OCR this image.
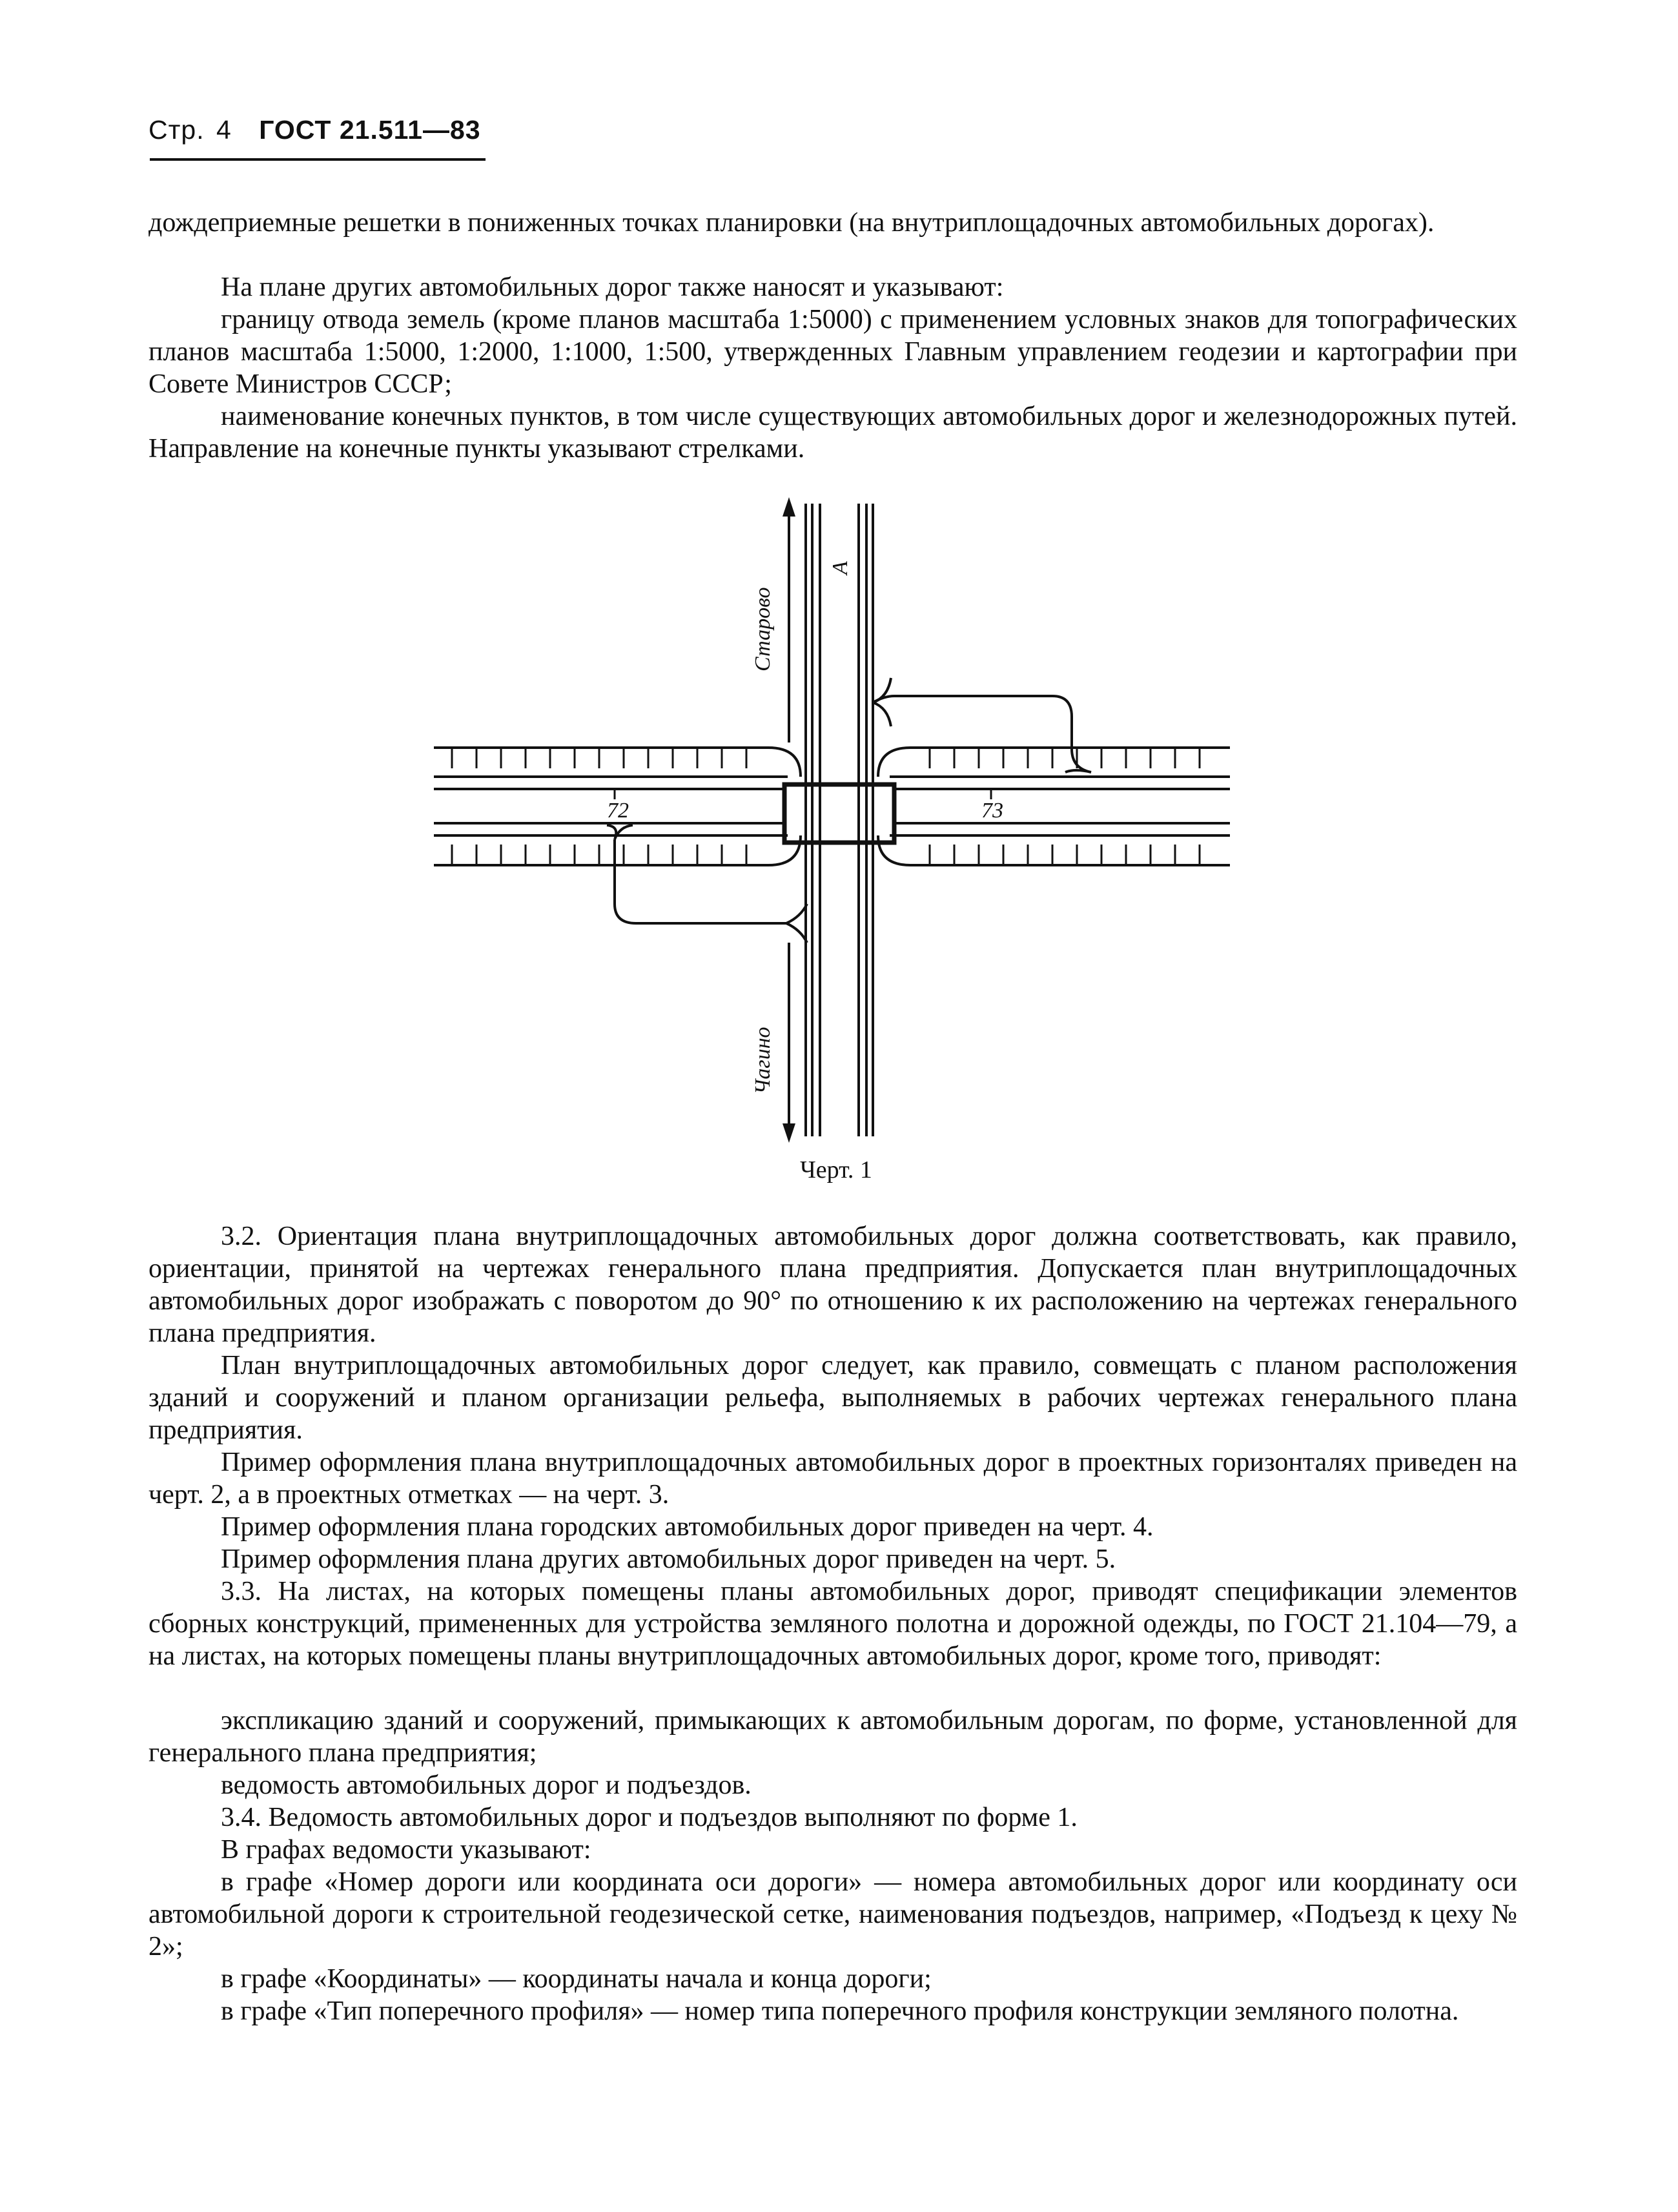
Стр. 4 ГОСТ 21.511—83

дождеприемные решетки в пониженных точках планировки (на внутриплощадочных автомобильных дорогах).

На плане других автомобильных дорог также наносят и указывают:

границу отвода земель (кроме планов масштаба 1:5000) с применением условных знаков для топографических планов масштаба 1:5000, 1:2000, 1:1000, 1:500, утвержденных Главным управлением геодезии и картографии при Совете Министров СССР;

наименование конечных пунктов, в том числе существующих автомобильных дорог и железнодорожных путей. Направление на конечные пункты указывают стрелками.

Старово
Чагино
А
72	73
Черт. 1

3.2. Ориентация плана внутриплощадочных автомобильных дорог должна соответствовать, как правило, ориентации, принятой на чертежах генерального плана предприятия. Допускается план внутриплощадочных автомобильных дорог изображать с поворотом до 90° по отношению к их расположению на чертежах генерального плана предприятия.

План внутриплощадочных автомобильных дорог следует, как правило, совмещать с планом расположения зданий и сооружений и планом организации рельефа, выполняемых в рабочих чертежах генерального плана предприятия.

Пример оформления плана внутриплощадочных автомобильных дорог в проектных горизонталях приведен на черт. 2, а в проектных отметках — на черт. 3.

Пример оформления плана городских автомобильных дорог приведен на черт. 4.

Пример оформления плана других автомобильных дорог приведен на черт. 5.

3.3. На листах, на которых помещены планы автомобильных дорог, приводят спецификации элементов сборных конструкций, примененных для устройства земляного полотна и дорожной одежды, по ГОСТ 21.104—79, а на листах, на которых помещены планы внутриплощадочных автомобильных дорог, кроме того, приводят:

экспликацию зданий и сооружений, примыкающих к автомобильным дорогам, по форме, установленной для генерального плана предприятия;

ведомость автомобильных дорог и подъездов.

3.4. Ведомость автомобильных дорог и подъездов выполняют по форме 1.

В графах ведомости указывают:

в графе «Номер дороги или координата оси дороги» — номера автомобильных дорог или координату оси автомобильной дороги к строительной геодезической сетке, наименования подъездов, например, «Подъезд к цеху № 2»;

в графе «Координаты» — координаты начала и конца дороги;

в графе «Тип поперечного профиля» — номер типа поперечного профиля конструкции земляного полотна.
